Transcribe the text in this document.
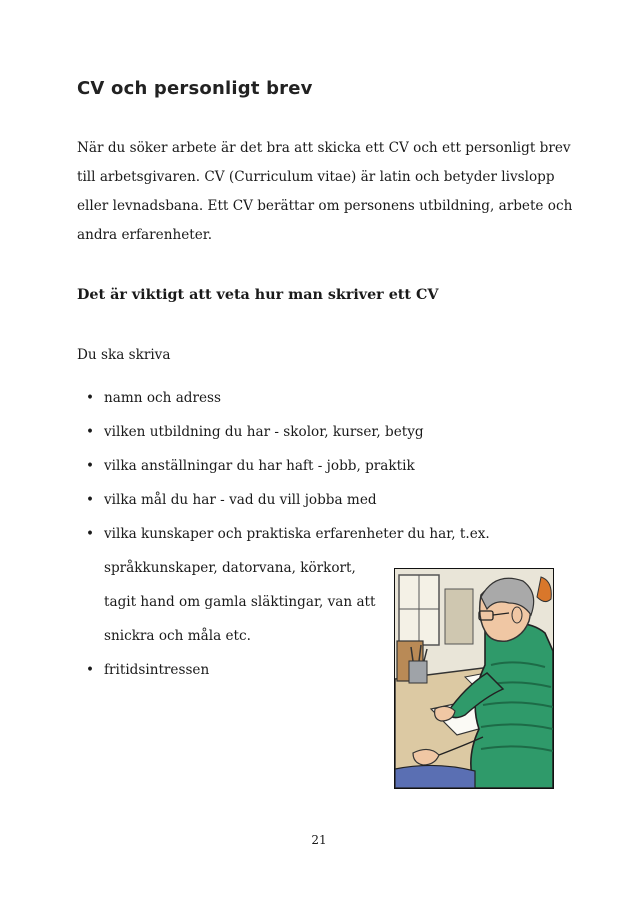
CV och personligt brev

När du söker arbete är det bra att skicka ett CV och ett personligt brev till arbetsgivaren. CV (Curriculum vitae) är latin och betyder livslopp eller levnadsbana. Ett CV berättar om personens utbildning, arbete och andra erfarenheter.

Det är viktigt att veta hur man skriver ett CV
Du ska skriva
• namn och adress
• vilken utbildning du har - skolor, kurser, betyg
• vilka anställningar du har haft - jobb, praktik
• vilka mål du har - vad du vill jobba med
• vilka kunskaper och praktiska erfarenheter du har, t.ex.
språkkunskaper, datorvana, körkort,
tagit hand om gamla släktingar, van att
snickra och måla etc.
• fritidsintressen
21
